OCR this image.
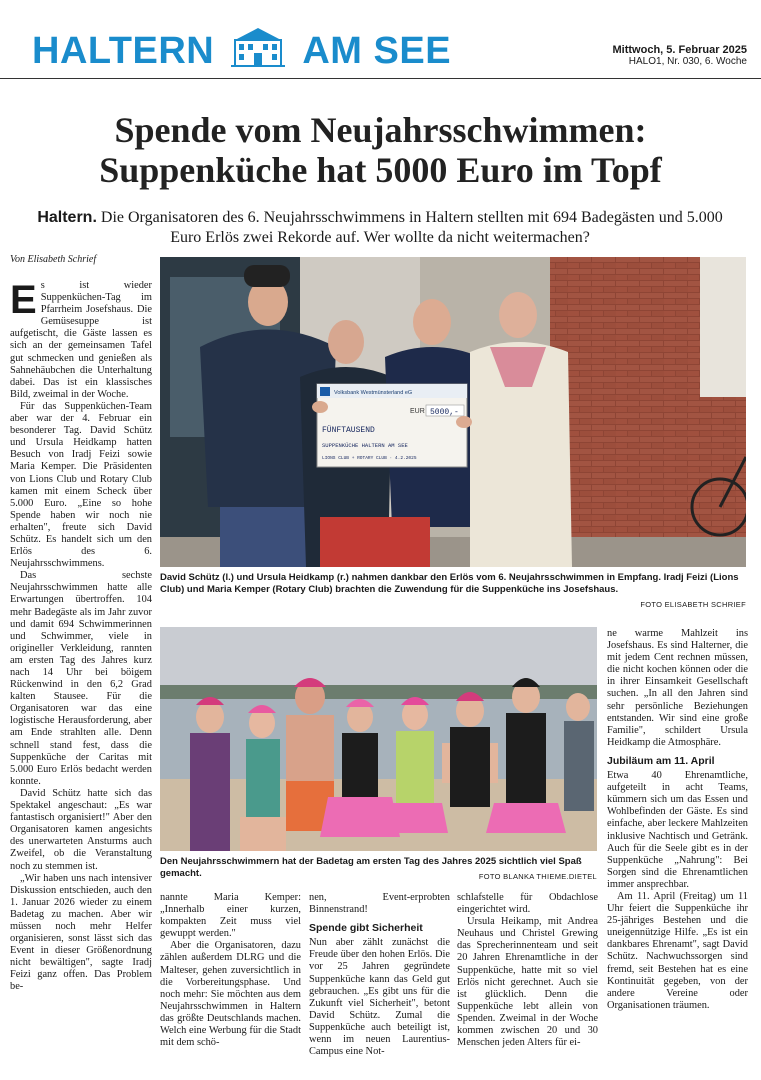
HALTERN AM SEE	Mittwoch, 5. Februar 2025
HALO1, Nr. 030, 6. Woche
Spende vom Neujahrsschwimmen:
Suppenküche hat 5000 Euro im Topf
Haltern. Die Organisatoren des 6. Neujahrsschwimmens in Haltern stellten mit 694 Badegästen und 5.000 Euro Erlös zwei Rekorde auf. Wer wollte da nicht weitermachen?
Von Elisabeth Schrief

Es ist wieder Suppenküchen-Tag im Pfarrheim Josefshaus. Die Gemüsesuppe ist aufgetischt, die Gäste lassen es sich an der gemeinsamen Tafel gut schmecken und genießen als Sahnehäubchen die Unterhaltung dabei. Das ist ein klassisches Bild, zweimal in der Woche.

Für das Suppenküchen-Team aber war der 4. Februar ein besonderer Tag. David Schütz und Ursula Heidkamp hatten Besuch von Iradj Feizi sowie Maria Kemper. Die Präsidenten von Lions Club und Rotary Club kamen mit einem Scheck über 5.000 Euro. „Eine so hohe Spende haben wir noch nie erhalten", freute sich David Schütz. Es handelt sich um den Erlös des 6. Neujahrsschwimmens.

Das sechste Neujahrsschwimmen hatte alle Erwartungen übertroffen. 104 mehr Badegäste als im Jahr zuvor und damit 694 Schwimmerinnen und Schwimmer, viele in origineller Verkleidung, rannten am ersten Tag des Jahres kurz nach 14 Uhr bei böigem Rückenwind in den 6,2 Grad kalten Stausee. Für die Organisatoren war das eine logistische Herausforderung, aber am Ende strahlten alle. Denn schnell stand fest, dass die Suppenküche der Caritas mit 5.000 Euro Erlös bedacht werden konnte.

David Schütz hatte sich das Spektakel angeschaut: „Es war fantastisch organisiert!" Aber den Organisatoren kamen angesichts des unerwarteten Ansturms auch Zweifel, ob die Veranstaltung noch zu stemmen ist.

„Wir haben uns nach intensiver Diskussion entschieden, auch den 1. Januar 2026 wieder zu einem Badetag zu machen. Aber wir müssen noch mehr Helfer organisieren, sonst lässt sich das Event in dieser Größenordnung nicht bewältigen", sagte Iradj Feizi ganz offen. Das Problem be-

Volksbank Westmünsterland eG
EUR 5000,-
FÜNFTAUSEND
SUPPENKÜCHE HALTERN AM SEE
LIONS CLUB + ROTARY CLUB · 4.2.2025
David Schütz (l.) und Ursula Heidkamp (r.) nahmen dankbar den Erlös vom 6. Neujahrsschwimmen in Empfang. Iradj Feizi (Lions Club) und Maria Kemper (Rotary Club) brachten die Zuwendung für die Suppenküche ins Josefshaus.
FOTO ELISABETH SCHRIEF
Den Neujahrsschwimmern hat der Badetag am ersten Tag des Jahres 2025 sichtlich viel Spaß gemacht.	FOTO BLANKA THIEME.DIETEL

nannte Maria Kemper: „Innerhalb einer kurzen, kompakten Zeit muss viel gewuppt werden."

Aber die Organisatoren, dazu zählen außerdem DLRG und die Malteser, gehen zuversichtlich in die Vorbereitungsphase. Und noch mehr: Sie möchten aus dem Neujahrsschwimmen in Haltern das größte Deutschlands machen. Welch eine Werbung für die Stadt mit dem schö-

nen, Event-erprobten Binnenstrand!

Spende gibt Sicherheit

Nun aber zählt zunächst die Freude über den hohen Erlös. Die vor 25 Jahren gegründete Suppenküche kann das Geld gut gebrauchen. „Es gibt uns für die Zukunft viel Sicherheit", betont David Schütz. Zumal die Suppenküche auch beteiligt ist, wenn im neuen Laurentius-Campus eine Not-

schlafstelle für Obdachlose eingerichtet wird.

Ursula Heikamp, mit Andrea Neuhaus und Christel Grewing das Sprecherinnenteam und seit 20 Jahren Ehrenamtliche in der Suppenküche, hatte mit so viel Erlös nicht gerechnet. Auch sie ist glücklich. Denn die Suppenküche lebt allein von Spenden. Zweimal in der Woche kommen zwischen 20 und 30 Menschen jeden Alters für ei-

ne warme Mahlzeit ins Josefshaus. Es sind Halterner, die mit jedem Cent rechnen müssen, die nicht kochen können oder die in ihrer Einsamkeit Gesellschaft suchen. „In all den Jahren sind sehr persönliche Beziehungen entstanden. Wir sind eine große Familie", schildert Ursula Heidkamp die Atmosphäre.

Jubiläum am 11. April

Etwa 40 Ehrenamtliche, aufgeteilt in acht Teams, kümmern sich um das Essen und Wohlbefinden der Gäste. Es sind einfache, aber leckere Mahlzeiten inklusive Nachtisch und Getränk. Auch für die Seele gibt es in der Suppenküche „Nahrung": Bei Sorgen sind die Ehrenamtlichen immer ansprechbar.

Am 11. April (Freitag) um 11 Uhr feiert die Suppenküche ihr 25-jähriges Bestehen und die uneigennützige Hilfe. „Es ist ein dankbares Ehrenamt", sagt David Schütz. Nachwuchssorgen sind fremd, seit Bestehen hat es eine Kontinuität gegeben, von der andere Vereine oder Organisationen träumen.
